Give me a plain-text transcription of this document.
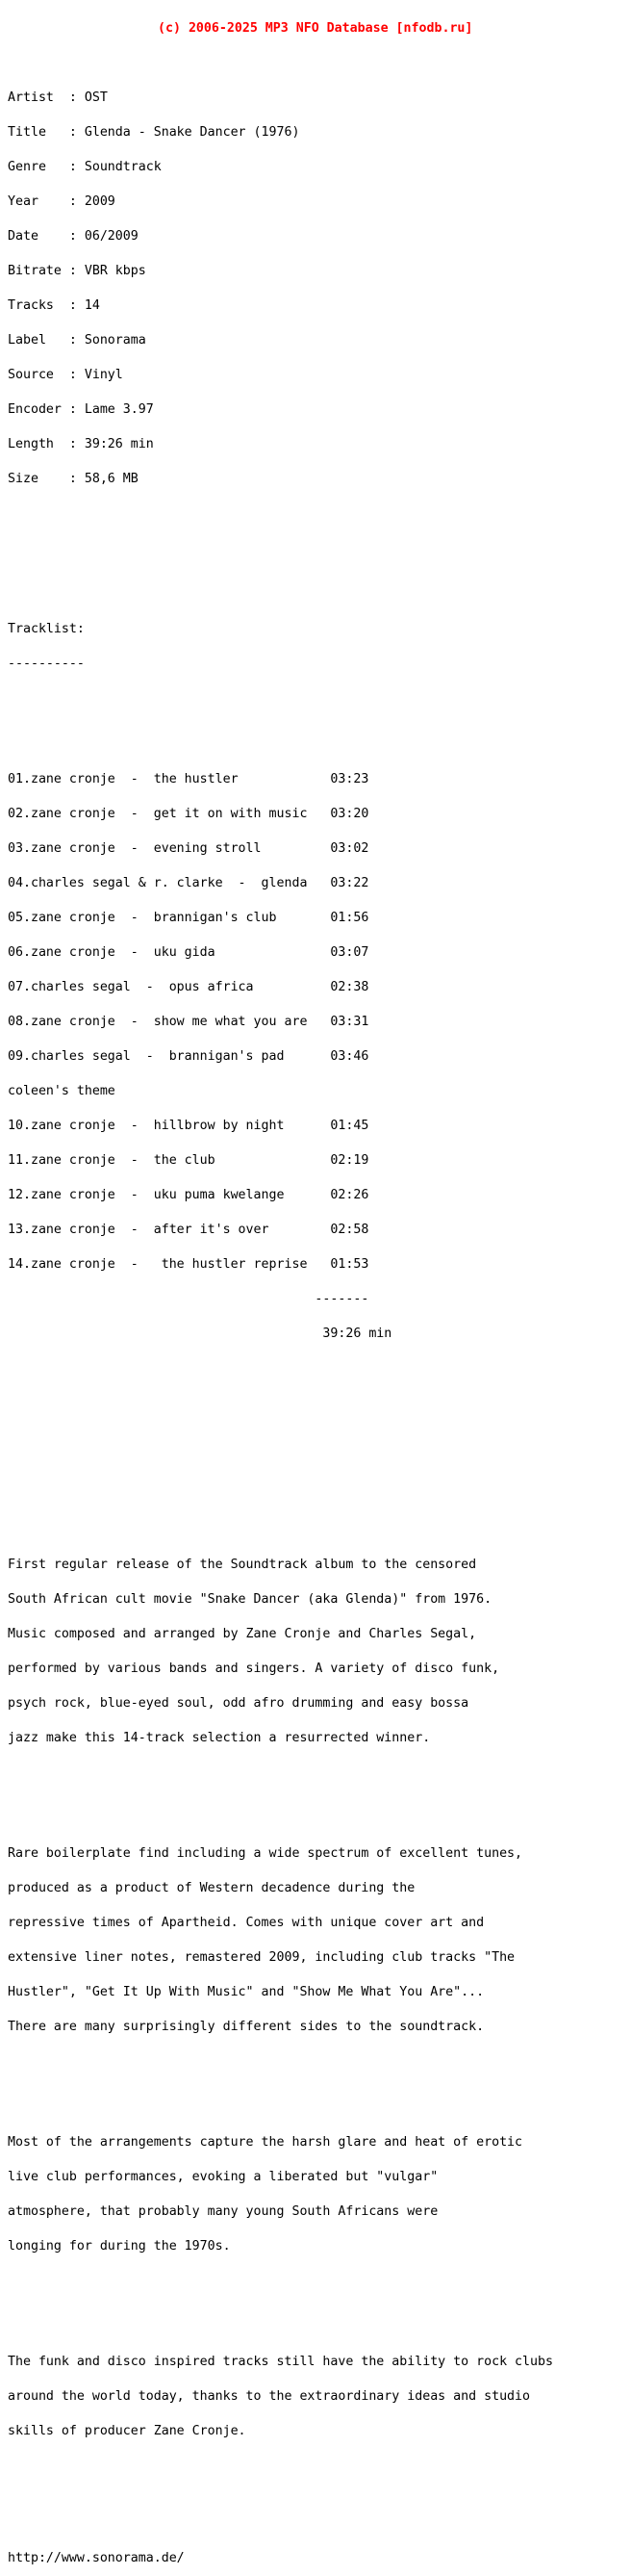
(c) 2006-2025 MP3 NFO Database [nfodb.ru]

Artist  : OST

Title   : Glenda - Snake Dancer (1976)

Genre   : Soundtrack

Year    : 2009

Date    : 06/2009

Bitrate : VBR kbps

Tracks  : 14

Label   : Sonorama

Source  : Vinyl

Encoder : Lame 3.97

Length  : 39:26 min

Size    : 58,6 MB

Tracklist:

----------

01.zane cronje  -  the hustler            03:23

02.zane cronje  -  get it on with music   03:20

03.zane cronje  -  evening stroll         03:02

04.charles segal & r. clarke  -  glenda   03:22

05.zane cronje  -  brannigan's club       01:56

06.zane cronje  -  uku gida               03:07

07.charles segal  -  opus africa          02:38

08.zane cronje  -  show me what you are   03:31

09.charles segal  -  brannigan's pad      03:46

coleen's theme

10.zane cronje  -  hillbrow by night      01:45

11.zane cronje  -  the club               02:19

12.zane cronje  -  uku puma kwelange      02:26

13.zane cronje  -  after it's over        02:58

14.zane cronje  -   the hustler reprise   01:53

-------

39:26 min

First regular release of the Soundtrack album to the censored

South African cult movie "Snake Dancer (aka Glenda)" from 1976.

Music composed and arranged by Zane Cronje and Charles Segal,

performed by various bands and singers. A variety of disco funk,

psych rock, blue-eyed soul, odd afro drumming and easy bossa

jazz make this 14-track selection a resurrected winner.

Rare boilerplate find including a wide spectrum of excellent tunes,

produced as a product of Western decadence during the

repressive times of Apartheid. Comes with unique cover art and

extensive liner notes, remastered 2009, including club tracks "The

Hustler", "Get It Up With Music" and "Show Me What You Are"...

There are many surprisingly different sides to the soundtrack.

Most of the arrangements capture the harsh glare and heat of erotic

live club performances, evoking a liberated but "vulgar"

atmosphere, that probably many young South Africans were

longing for during the 1970s.

The funk and disco inspired tracks still have the ability to rock clubs

around the world today, thanks to the extraordinary ideas and studio

skills of producer Zane Cronje.

http://www.sonorama.de/
